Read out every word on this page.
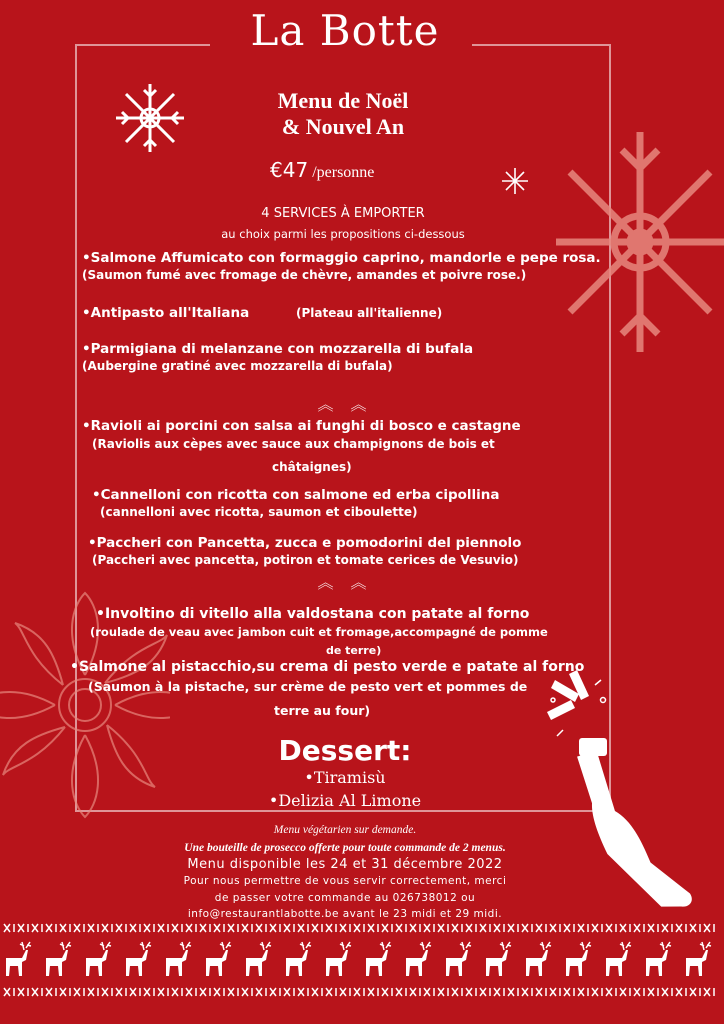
La Botte
Menu de Noël
& Nouvel An
€47 /personne
4 SERVICES À EMPORTER
au choix parmi les propositions ci-dessous
•Salmone Affumicato con formaggio caprino, mandorle e pepe rosa.
(Saumon fumé avec fromage de chèvre, amandes et poivre rose.)
•Antipasto all'Italiana	(Plateau all'italienne)
•Parmigiana di melanzane con mozzarella di bufala
(Aubergine gratiné avec mozzarella di bufala)
︽ ︽
•Ravioli ai porcini con salsa ai funghi di bosco e castagne
(Raviolis aux cèpes avec sauce aux champignons de bois et
châtaignes)
•Cannelloni con ricotta con salmone ed erba cipollina
(cannelloni avec ricotta, saumon et ciboulette)
•Paccheri con Pancetta, zucca e pomodorini del piennolo
(Paccheri avec pancetta, potiron et tomate cerices de Vesuvio)
︽ ︽
•Involtino di vitello alla valdostana con patate al forno
(roulade de veau avec jambon cuit et fromage,accompagné de pomme
de terre)
•Salmone al pistacchio,su crema di pesto verde e patate al forno
(Saumon à la pistache, sur crème de pesto vert et pommes de
terre au four)
Dessert:
•Tiramisù
•Delizia Al Limone
Menu végétarien sur demande.
Une bouteille de prosecco offerte pour toute commande de 2 menus.
Menu disponible les 24 et 31 décembre 2022
Pour nous permettre de vous servir correctement, merci
de passer votre commande au 026738012 ou
info@restaurantlabotte.be avant le 23 midi et 29 midi.
